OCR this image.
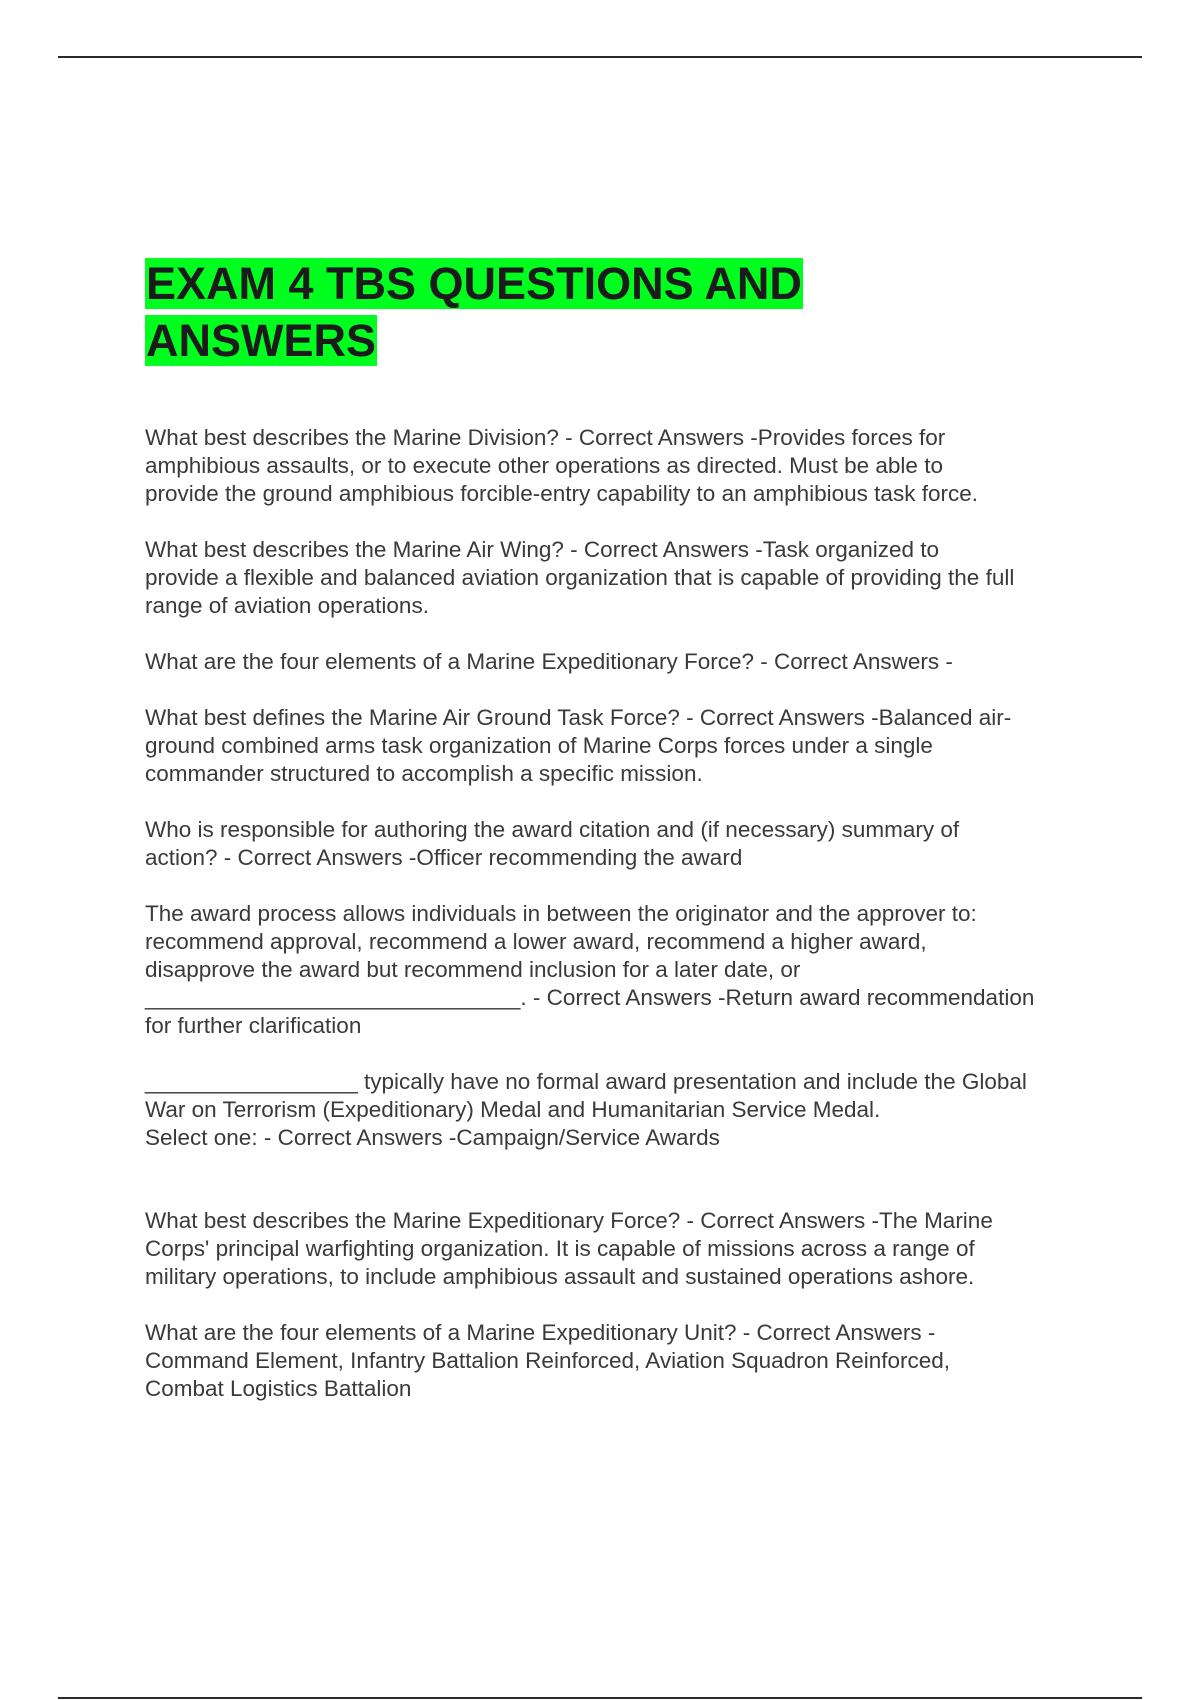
EXAM 4 TBS QUESTIONS AND
ANSWERS

What best describes the Marine Division? - Correct Answers -Provides forces for
amphibious assaults, or to execute other operations as directed. Must be able to
provide the ground amphibious forcible-entry capability to an amphibious task force.

What best describes the Marine Air Wing? - Correct Answers -Task organized to
provide a flexible and balanced aviation organization that is capable of providing the full
range of aviation operations.

What are the four elements of a Marine Expeditionary Force? - Correct Answers -

What best defines the Marine Air Ground Task Force? - Correct Answers -Balanced air-
ground combined arms task organization of Marine Corps forces under a single
commander structured to accomplish a specific mission.

Who is responsible for authoring the award citation and (if necessary) summary of
action? - Correct Answers -Officer recommending the award

The award process allows individuals in between the originator and the approver to:
recommend approval, recommend a lower award, recommend a higher award,
disapprove the award but recommend inclusion for a later date, or
______________________________. - Correct Answers -Return award recommendation
for further clarification

_________________ typically have no formal award presentation and include the Global
War on Terrorism (Expeditionary) Medal and Humanitarian Service Medal.
Select one: - Correct Answers -Campaign/Service Awards

What best describes the Marine Expeditionary Force? - Correct Answers -The Marine
Corps' principal warfighting organization. It is capable of missions across a range of
military operations, to include amphibious assault and sustained operations ashore.

What are the four elements of a Marine Expeditionary Unit? - Correct Answers -
Command Element, Infantry Battalion Reinforced, Aviation Squadron Reinforced,
Combat Logistics Battalion
